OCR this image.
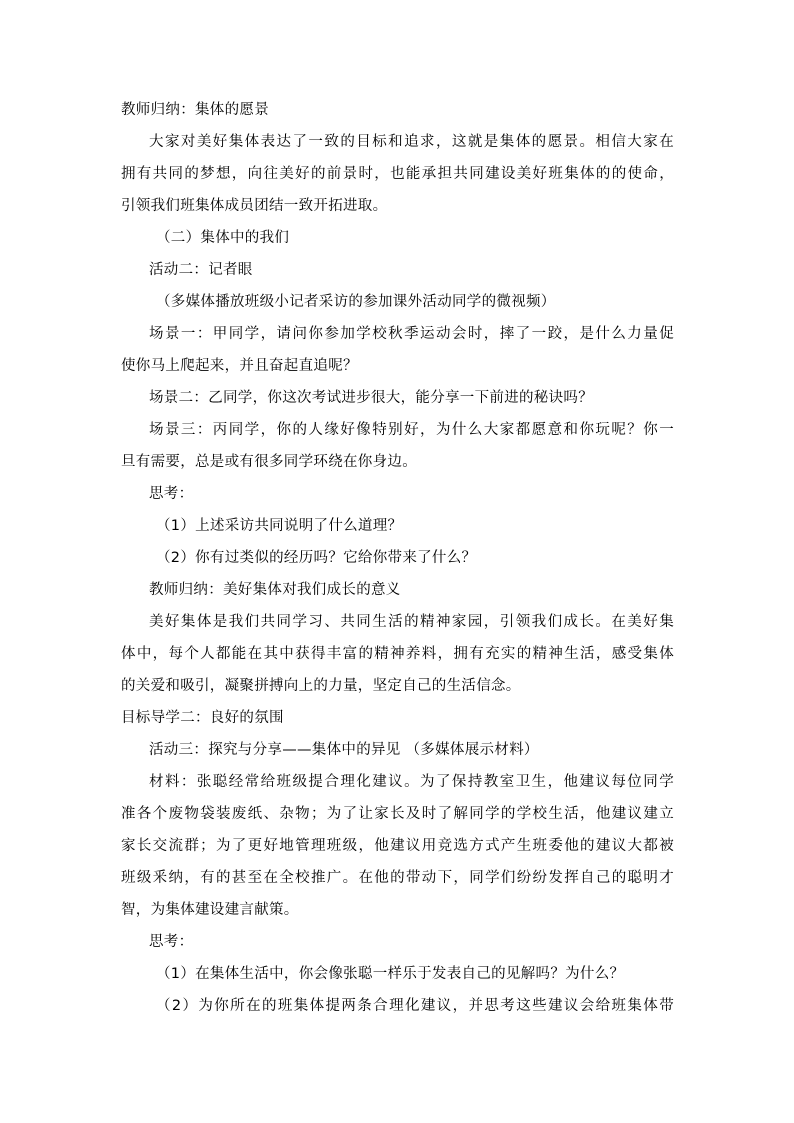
教师归纳：集体的愿景
大家对美好集体表达了一致的目标和追求，这就是集体的愿景。相信大家在
拥有共同的梦想，向往美好的前景时，也能承担共同建设美好班集体的的使命，
引领我们班集体成员团结一致开拓进取。
（二）集体中的我们
活动二：记者眼
（多媒体播放班级小记者采访的参加课外活动同学的微视频）
场景一：甲同学，请问你参加学校秋季运动会时，摔了一跤，是什么力量促
使你马上爬起来，并且奋起直追呢？
场景二：乙同学，你这次考试进步很大，能分享一下前进的秘诀吗？
场景三：丙同学，你的人缘好像特别好，为什么大家都愿意和你玩呢？你一
旦有需要，总是或有很多同学环绕在你身边。
思考：
（1）上述采访共同说明了什么道理？
（2）你有过类似的经历吗？它给你带来了什么？
教师归纳：美好集体对我们成长的意义
美好集体是我们共同学习、共同生活的精神家园，引领我们成长。在美好集
体中，每个人都能在其中获得丰富的精神养料，拥有充实的精神生活，感受集体
的关爱和吸引，凝聚拼搏向上的力量，坚定自己的生活信念。
目标导学二：良好的氛围
活动三：探究与分享——集体中的异见 （多媒体展示材料）
材料：张聪经常给班级提合理化建议。为了保持教室卫生，他建议每位同学
准各个废物袋装废纸、杂物；为了让家长及时了解同学的学校生活，他建议建立
家长交流群；为了更好地管理班级，他建议用竞选方式产生班委他的建议大都被
班级釆纳，有的甚至在全校推广。在他的带动下，同学们纷纷发挥自己的聪明才
智，为集体建设建言献策。
思考：
（1）在集体生活中，你会像张聪一样乐于发表自己的见解吗？为什么？
（2）为你所在的班集体提两条合理化建议，并思考这些建议会给班集体带
